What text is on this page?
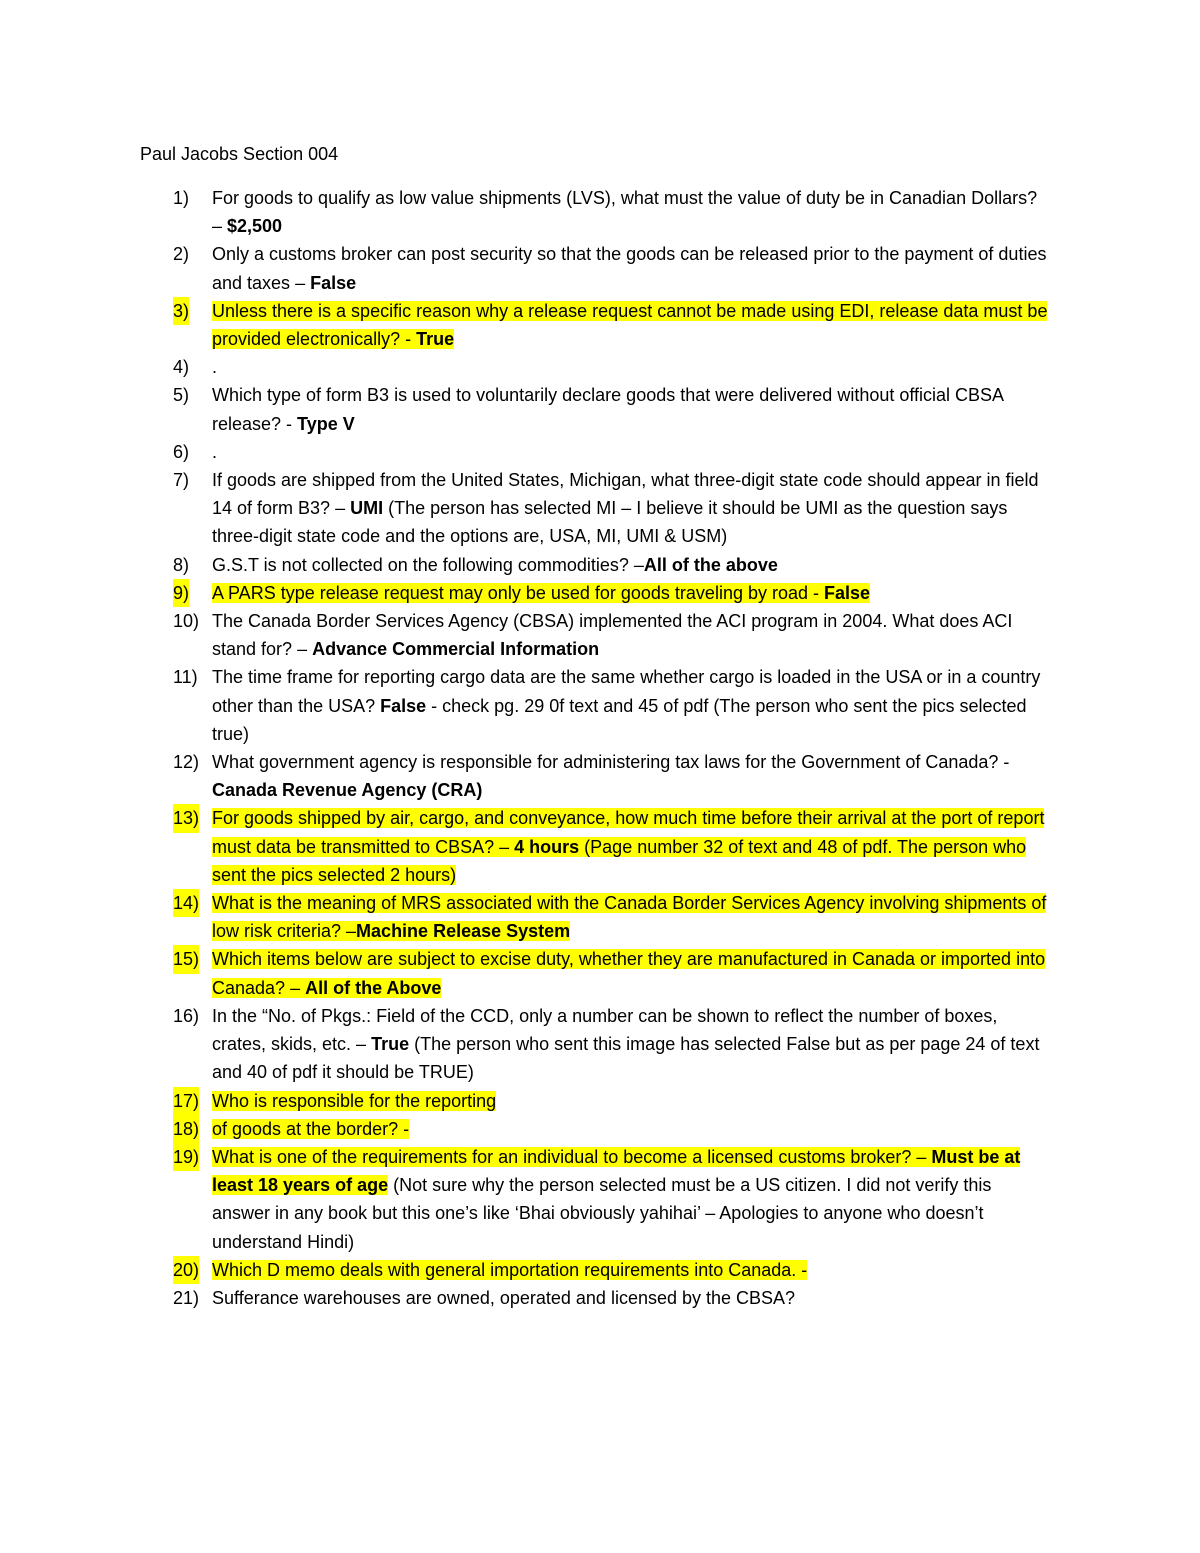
Paul Jacobs Section 004
1) For goods to qualify as low value shipments (LVS), what must the value of duty be in Canadian Dollars? – $2,500
2) Only a customs broker can post security so that the goods can be released prior to the payment of duties and taxes – False
3) Unless there is a specific reason why a release request cannot be made using EDI, release data must be provided electronically? - True
4) .
5) Which type of form B3 is used to voluntarily declare goods that were delivered without official CBSA release? - Type V
6) .
7) If goods are shipped from the United States, Michigan, what three-digit state code should appear in field 14 of form B3? – UMI (The person has selected MI – I believe it should be UMI as the question says three-digit state code and the options are, USA, MI, UMI & USM)
8) G.S.T is not collected on the following commodities? –All of the above
9) A PARS type release request may only be used for goods traveling by road - False
10) The Canada Border Services Agency (CBSA) implemented the ACI program in 2004. What does ACI stand for? – Advance Commercial Information
11) The time frame for reporting cargo data are the same whether cargo is loaded in the USA or in a country other than the USA? False - check pg. 29 0f text and 45 of pdf (The person who sent the pics selected true)
12) What government agency is responsible for administering tax laws for the Government of Canada? - Canada Revenue Agency (CRA)
13) For goods shipped by air, cargo, and conveyance, how much time before their arrival at the port of report must data be transmitted to CBSA? – 4 hours (Page number 32 of text and 48 of pdf. The person who sent the pics selected 2 hours)
14) What is the meaning of MRS associated with the Canada Border Services Agency involving shipments of low risk criteria? –Machine Release System
15) Which items below are subject to excise duty, whether they are manufactured in Canada or imported into Canada? – All of the Above
16) In the “No. of Pkgs.: Field of the CCD, only a number can be shown to reflect the number of boxes, crates, skids, etc. – True (The person who sent this image has selected False but as per page 24 of text and 40 of pdf it should be TRUE)
17) Who is responsible for the reporting
18) of goods at the border? -
19) What is one of the requirements for an individual to become a licensed customs broker? – Must be at least 18 years of age (Not sure why the person selected must be a US citizen. I did not verify this answer in any book but this one’s like ‘Bhai obviously yahihai’ – Apologies to anyone who doesn’t understand Hindi)
20) Which D memo deals with general importation requirements into Canada. -
21) Sufferance warehouses are owned, operated and licensed by the CBSA?
